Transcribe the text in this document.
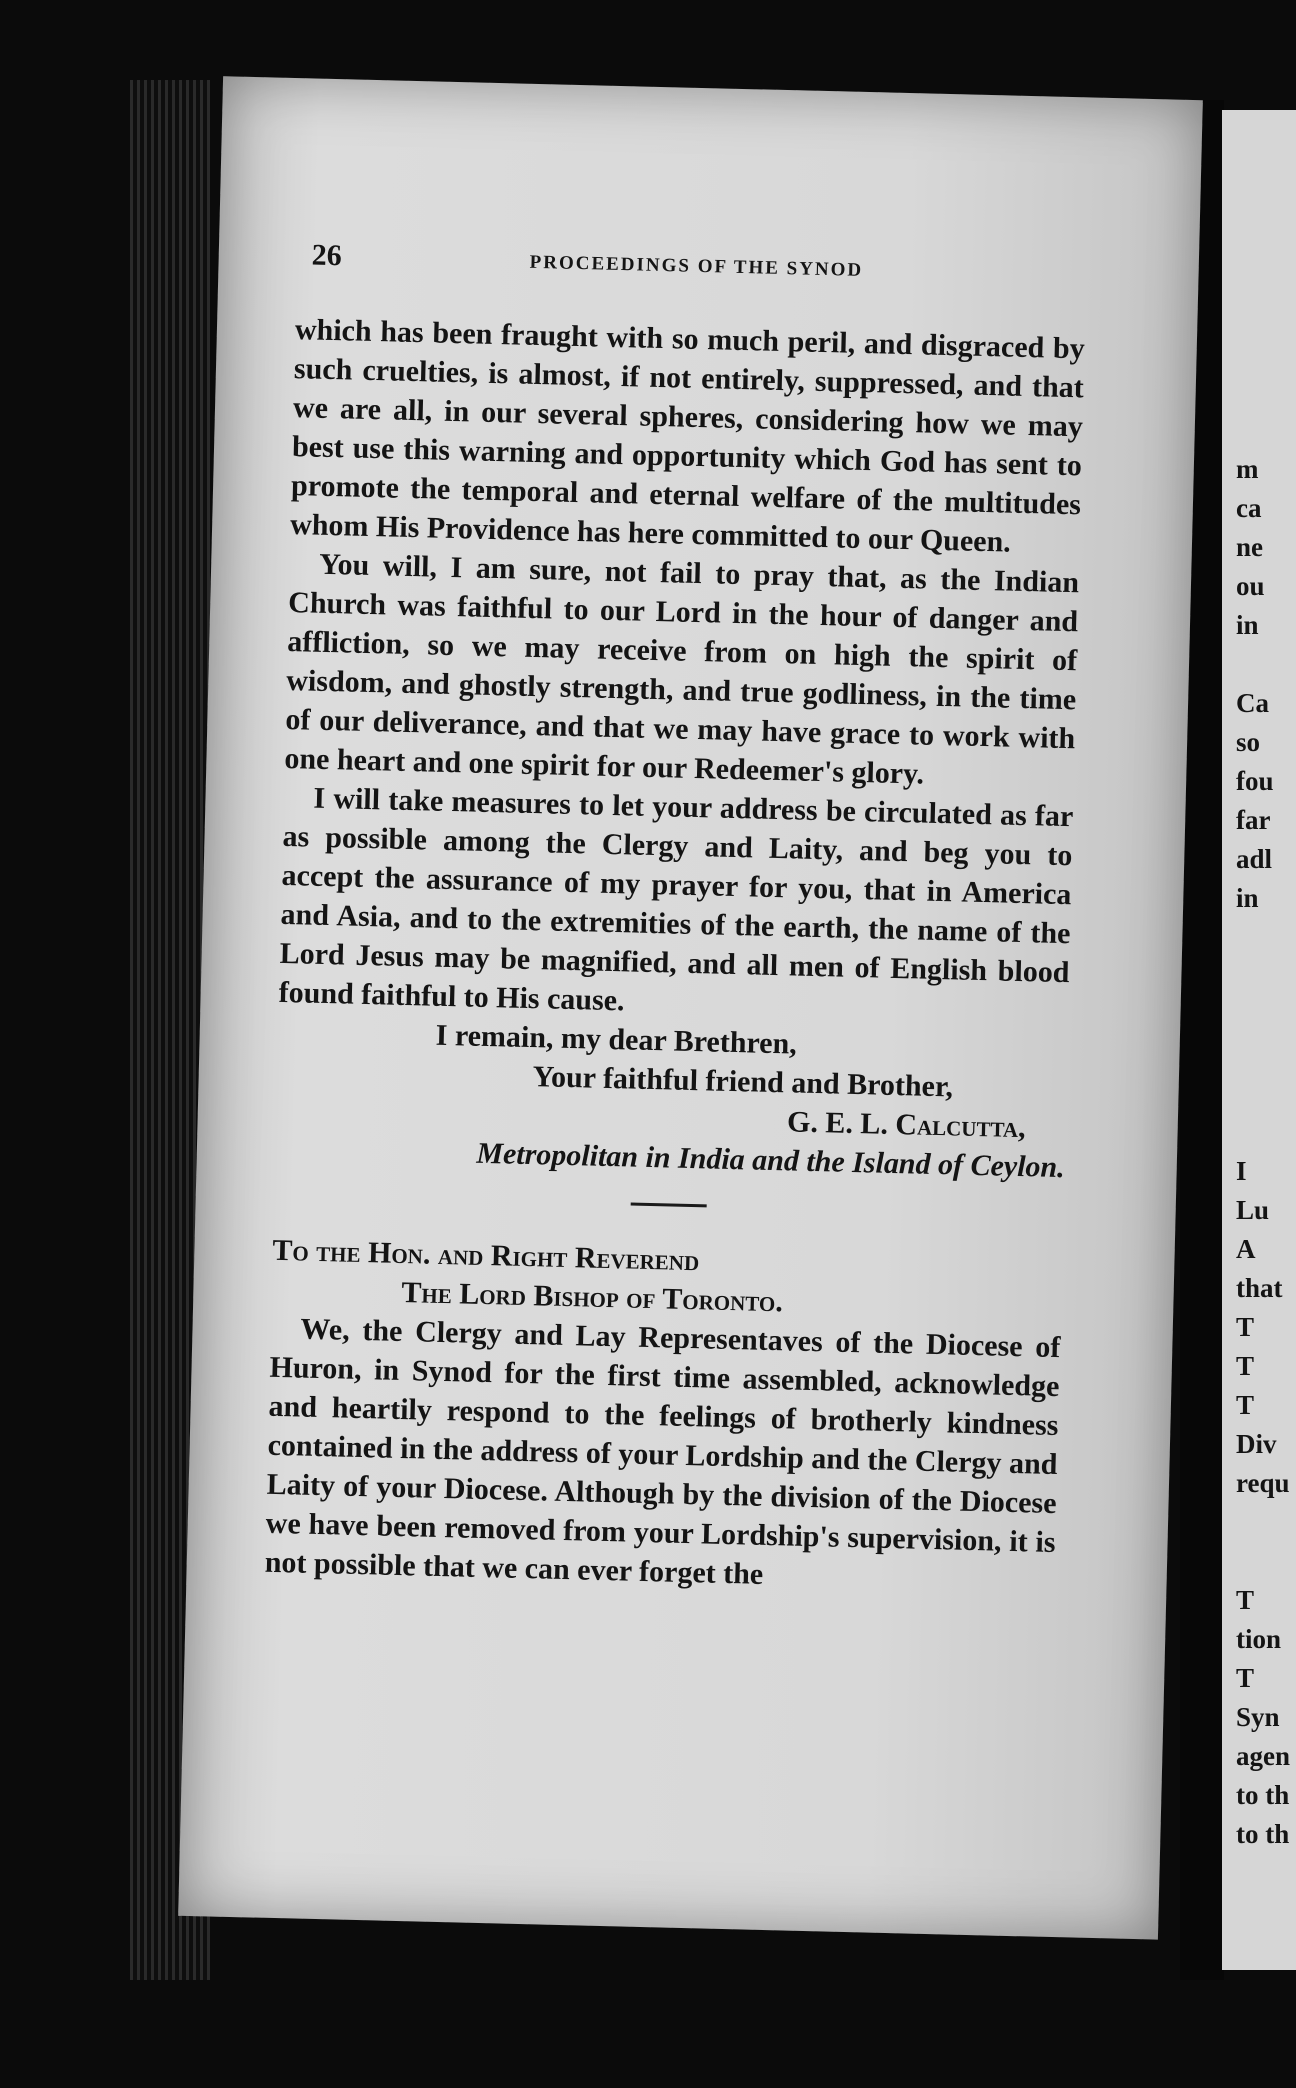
26	PROCEEDINGS OF THE SYNOD

which has been fraught with so much peril, and disgraced by such cruelties, is almost, if not entirely, suppressed, and that we are all, in our several spheres, considering how we may best use this warning and opportunity which God has sent to promote the temporal and eternal welfare of the multitudes whom His Providence has here committed to our Queen.

You will, I am sure, not fail to pray that, as the Indian Church was faithful to our Lord in the hour of danger and affliction, so we may receive from on high the spirit of wisdom, and ghostly strength, and true godliness, in the time of our deliverance, and that we may have grace to work with one heart and one spirit for our Redeemer's glory.

I will take measures to let your address be circulated as far as possible among the Clergy and Laity, and beg you to accept the assurance of my prayer for you, that in America and Asia, and to the extremities of the earth, the name of the Lord Jesus may be magnified, and all men of English blood found faithful to His cause.

I remain, my dear Brethren,

Your faithful friend and Brother,

G. E. L. Calcutta,

Metropolitan in India and the Island of Ceylon.

To the Hon. and Right Reverend

The Lord Bishop of Toronto.

We, the Clergy and Lay Representaves of the Diocese of Huron, in Synod for the first time assembled, acknowledge and heartily respond to the feelings of brotherly kindness contained in the address of your Lordship and the Clergy and Laity of your Diocese. Although by the division of the Diocese we have been removed from your Lordship's supervision, it is not possible that we can ever forget the

m
ca
ne
ou
in
Ca
so
fou
far
adl
in
I
Lu
A
that
T
T
T
Div
requ
T
tion
T
Syn
agen
to th
to th
